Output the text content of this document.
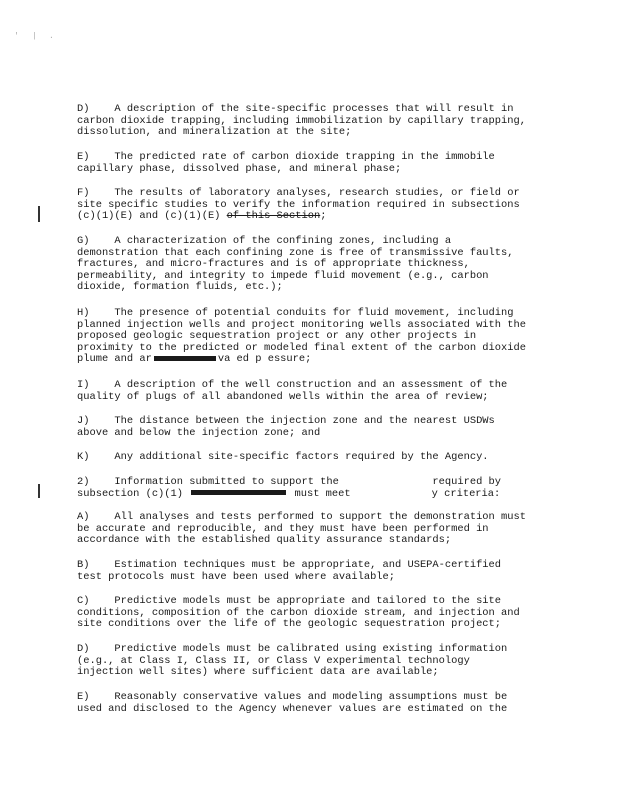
' | .
D)    A description of the site-specific processes that will result in
carbon dioxide trapping, including immobilization by capillary trapping,
dissolution, and mineralization at the site;
E)    The predicted rate of carbon dioxide trapping in the immobile
capillary phase, dissolved phase, and mineral phase;
F)    The results of laboratory analyses, research studies, or field or
site specific studies to verify the information required in subsections
(c)(1)(E) and (c)(1)(E) of this Section;
G)    A characterization of the confining zones, including a
demonstration that each confining zone is free of transmissive faults,
fractures, and micro-fractures and is of appropriate thickness,
permeability, and integrity to impede fluid movement (e.g., carbon
dioxide, formation fluids, etc.);
H)    The presence of potential conduits for fluid movement, including
planned injection wells and project monitoring wells associated with the
proposed geologic sequestration project or any other projects in
proximity to the predicted or modeled final extent of the carbon dioxide
plume and ar	va ed p essure;
I)    A description of the well construction and an assessment of the
quality of plugs of all abandoned wells within the area of review;
J)    The distance between the injection zone and the nearest USDWs
above and below the injection zone; and
K)    Any additional site-specific factors required by the Agency.
2)    Information submitted to support the               required by
subsection (c)(1)	must meet             y criteria:
A)    All analyses and tests performed to support the demonstration must
be accurate and reproducible, and they must have been performed in
accordance with the established quality assurance standards;
B)    Estimation techniques must be appropriate, and USEPA-certified
test protocols must have been used where available;
C)    Predictive models must be appropriate and tailored to the site
conditions, composition of the carbon dioxide stream, and injection and
site conditions over the life of the geologic sequestration project;
D)    Predictive models must be calibrated using existing information
(e.g., at Class I, Class II, or Class V experimental technology
injection well sites) where sufficient data are available;
E)    Reasonably conservative values and modeling assumptions must be
used and disclosed to the Agency whenever values are estimated on the
